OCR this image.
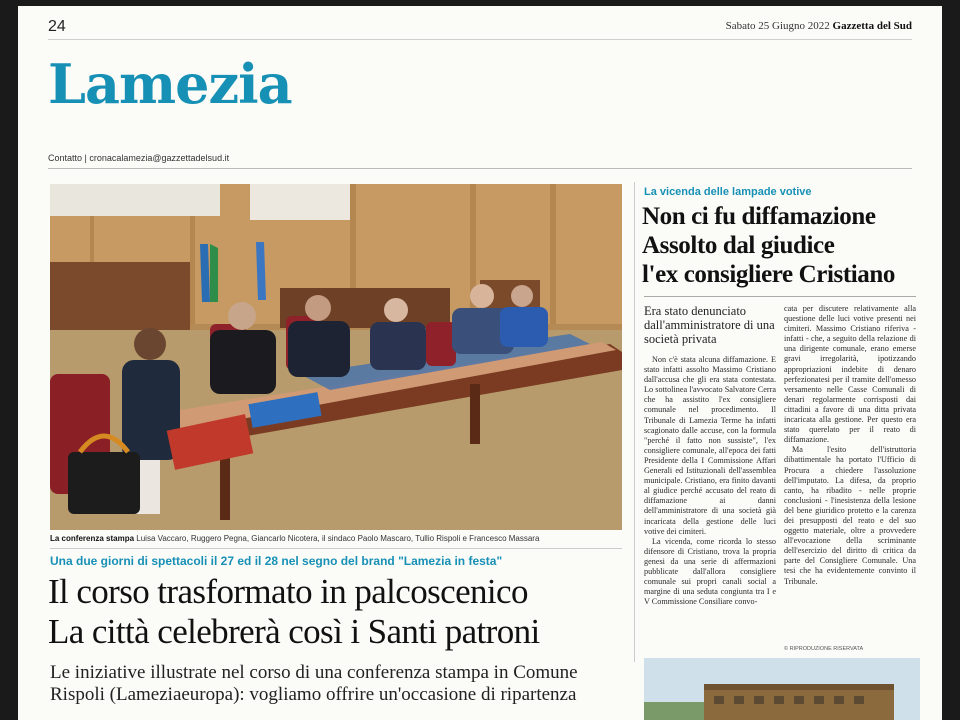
24	Sabato 25 Giugno 2022 Gazzetta del Sud
Lamezia
Contatto | cronacalamezia@gazzettadelsud.it
La conferenza stampa Luisa Vaccaro, Ruggero Pegna, Giancarlo Nicotera, il sindaco Paolo Mascaro, Tullio Rispoli e Francesco Massara
Una due giorni di spettacoli il 27 ed il 28 nel segno del brand "Lamezia in festa"
Il corso trasformato in palcoscenico
La città celebrerà così i Santi patroni
Le iniziative illustrate nel corso di una conferenza stampa in Comune
Rispoli (Lameziaeuropa): vogliamo offrire un'occasione di ripartenza
La vicenda delle lampade votive
Non ci fu diffamazione
Assolto dal giudice
l'ex consigliere Cristiano
Era stato denunciato dall'amministratore di una società privata

Non c'è stata alcuna diffamazione. E stato infatti assolto Massimo Cristiano dall'accusa che gli era stata contestata. Lo sottolinea l'avvocato Salvatore Cerra che ha assistito l'ex consigliere comunale nel procedimento. Il Tribunale di Lamezia Terme ha infatti scagionato dalle accuse, con la formula "perché il fatto non sussiste", l'ex consigliere comunale, all'epoca dei fatti Presidente della I Commissione Affari Generali ed Istituzionali dell'assemblea municipale. Cristiano, era finito davanti al giudice perché accusato del reato di diffamazione ai danni dell'amministratore di una società già incaricata della gestione delle luci votive dei cimiteri.

La vicenda, come ricorda lo stesso difensore di Cristiano, trova la propria genesi da una serie di affermazioni pubblicate dall'allora consigliere comunale sui propri canali social a margine di una seduta congiunta tra I e V Commissione Consiliare convo-

cata per discutere relativamente alla questione delle luci votive presenti nei cimiteri. Massimo Cristiano riferiva - infatti - che, a seguito della relazione di una dirigente comunale, erano emerse gravi irregolarità, ipotizzando appropriazioni indebite di denaro perfezionatesi per il tramite dell'omesso versamento nelle Casse Comunali di denari regolarmente corrisposti dai cittadini a favore di una ditta privata incaricata alla gestione. Per questo era stato querelato per il reato di diffamazione.

Ma l'esito dell'istruttoria dibattimentale ha portato l'Ufficio di Procura a chiedere l'assoluzione dell'imputato. La difesa, da proprio canto, ha ribadito - nelle proprie conclusioni - l'inesistenza della lesione del bene giuridico protetto e la carenza dei presupposti del reato e del suo oggetto materiale, oltre a provvedere all'evocazione della scriminante dell'esercizio del diritto di critica da parte del Consigliere Comunale. Una tesi che ha evidentemente convinto il Tribunale.

© RIPRODUZIONE RISERVATA
